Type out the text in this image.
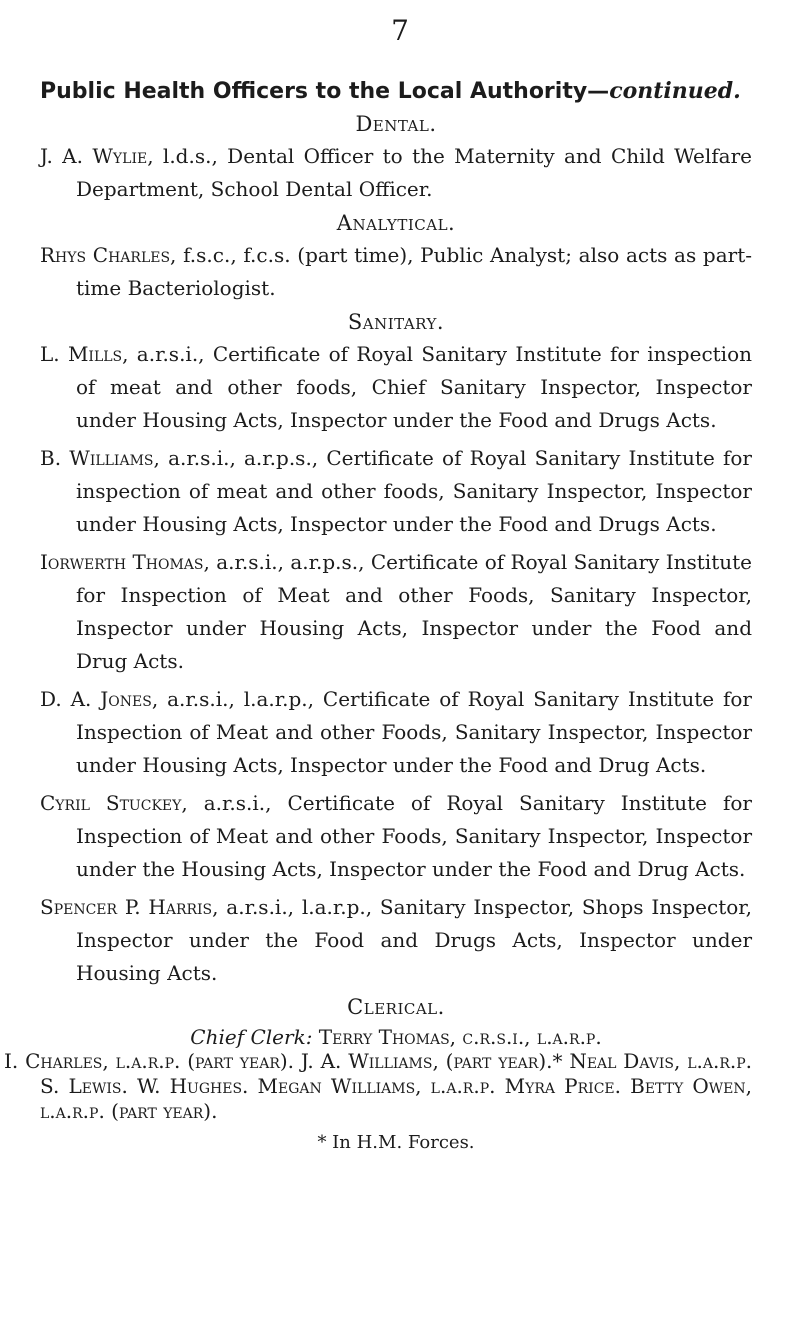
7
Public Health Officers to the Local Authority—continued.
Dental.

J. A. Wylie, l.d.s., Dental Officer to the Maternity and Child Welfare Department, School Dental Officer.

Analytical.

Rhys Charles, f.s.c., f.c.s. (part time), Public Analyst; also acts as part-time Bacteriologist.

Sanitary.

L. Mills, a.r.s.i., Certificate of Royal Sanitary Institute for inspection of meat and other foods, Chief Sanitary Inspector, Inspector under Housing Acts, Inspector under the Food and Drugs Acts.

B. Williams, a.r.s.i., a.r.p.s., Certificate of Royal Sanitary Institute for inspection of meat and other foods, Sanitary Inspector, Inspector under Housing Acts, Inspector under the Food and Drugs Acts.

Iorwerth Thomas, a.r.s.i., a.r.p.s., Certificate of Royal Sanitary Institute for Inspection of Meat and other Foods, Sanitary Inspector, Inspector under Housing Acts, Inspector under the Food and Drug Acts.

D. A. Jones, a.r.s.i., l.a.r.p., Certificate of Royal Sanitary Institute for Inspection of Meat and other Foods, Sanitary Inspector, Inspector under Housing Acts, Inspector under the Food and Drug Acts.

Cyril Stuckey, a.r.s.i., Certificate of Royal Sanitary Institute for Inspection of Meat and other Foods, Sanitary Inspector, Inspector under the Housing Acts, Inspector under the Food and Drug Acts.

Spencer P. Harris, a.r.s.i., l.a.r.p., Sanitary Inspector, Shops Inspector, Inspector under the Food and Drugs Acts, Inspector under Housing Acts.

Clerical.
Chief Clerk: Terry Thomas, c.r.s.i., l.a.r.p.

I. Charles, l.a.r.p. (part year). J. A. Williams, (part year).* Neal Davis, l.a.r.p. S. Lewis. W. Hughes. Megan Williams, l.a.r.p. Myra Price. Betty Owen, l.a.r.p. (part year).

* In H.M. Forces.
